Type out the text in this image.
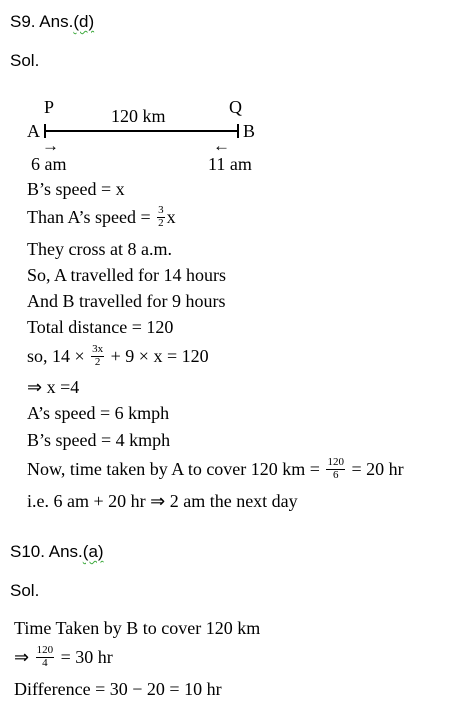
S9. Ans.(d)
Sol.
P	Q
120 km
A	B
→	←
6 am	11 am
B’s speed = x
Than A’s speed = $\frac{3}{2}$ x
They cross at 8 a.m.
So, A travelled for 14 hours
And B travelled for 9 hours
Total distance = 120
so, $14 \times \frac{3x}{2} + 9 \times x = 120$
⇒ x =4
A’s speed = 6 kmph
B’s speed = 4 kmph
Now, time taken by A to cover 120 km = $\frac{120}{6} = 20$ hr
i.e. 6 am + 20 hr ⇒ 2 am the next day
S10. Ans.(a)
Sol.
Time Taken by B to cover 120 km
⇒ $\frac{120}{4} = 30$ hr
Difference = 30 − 20 = 10 hr
